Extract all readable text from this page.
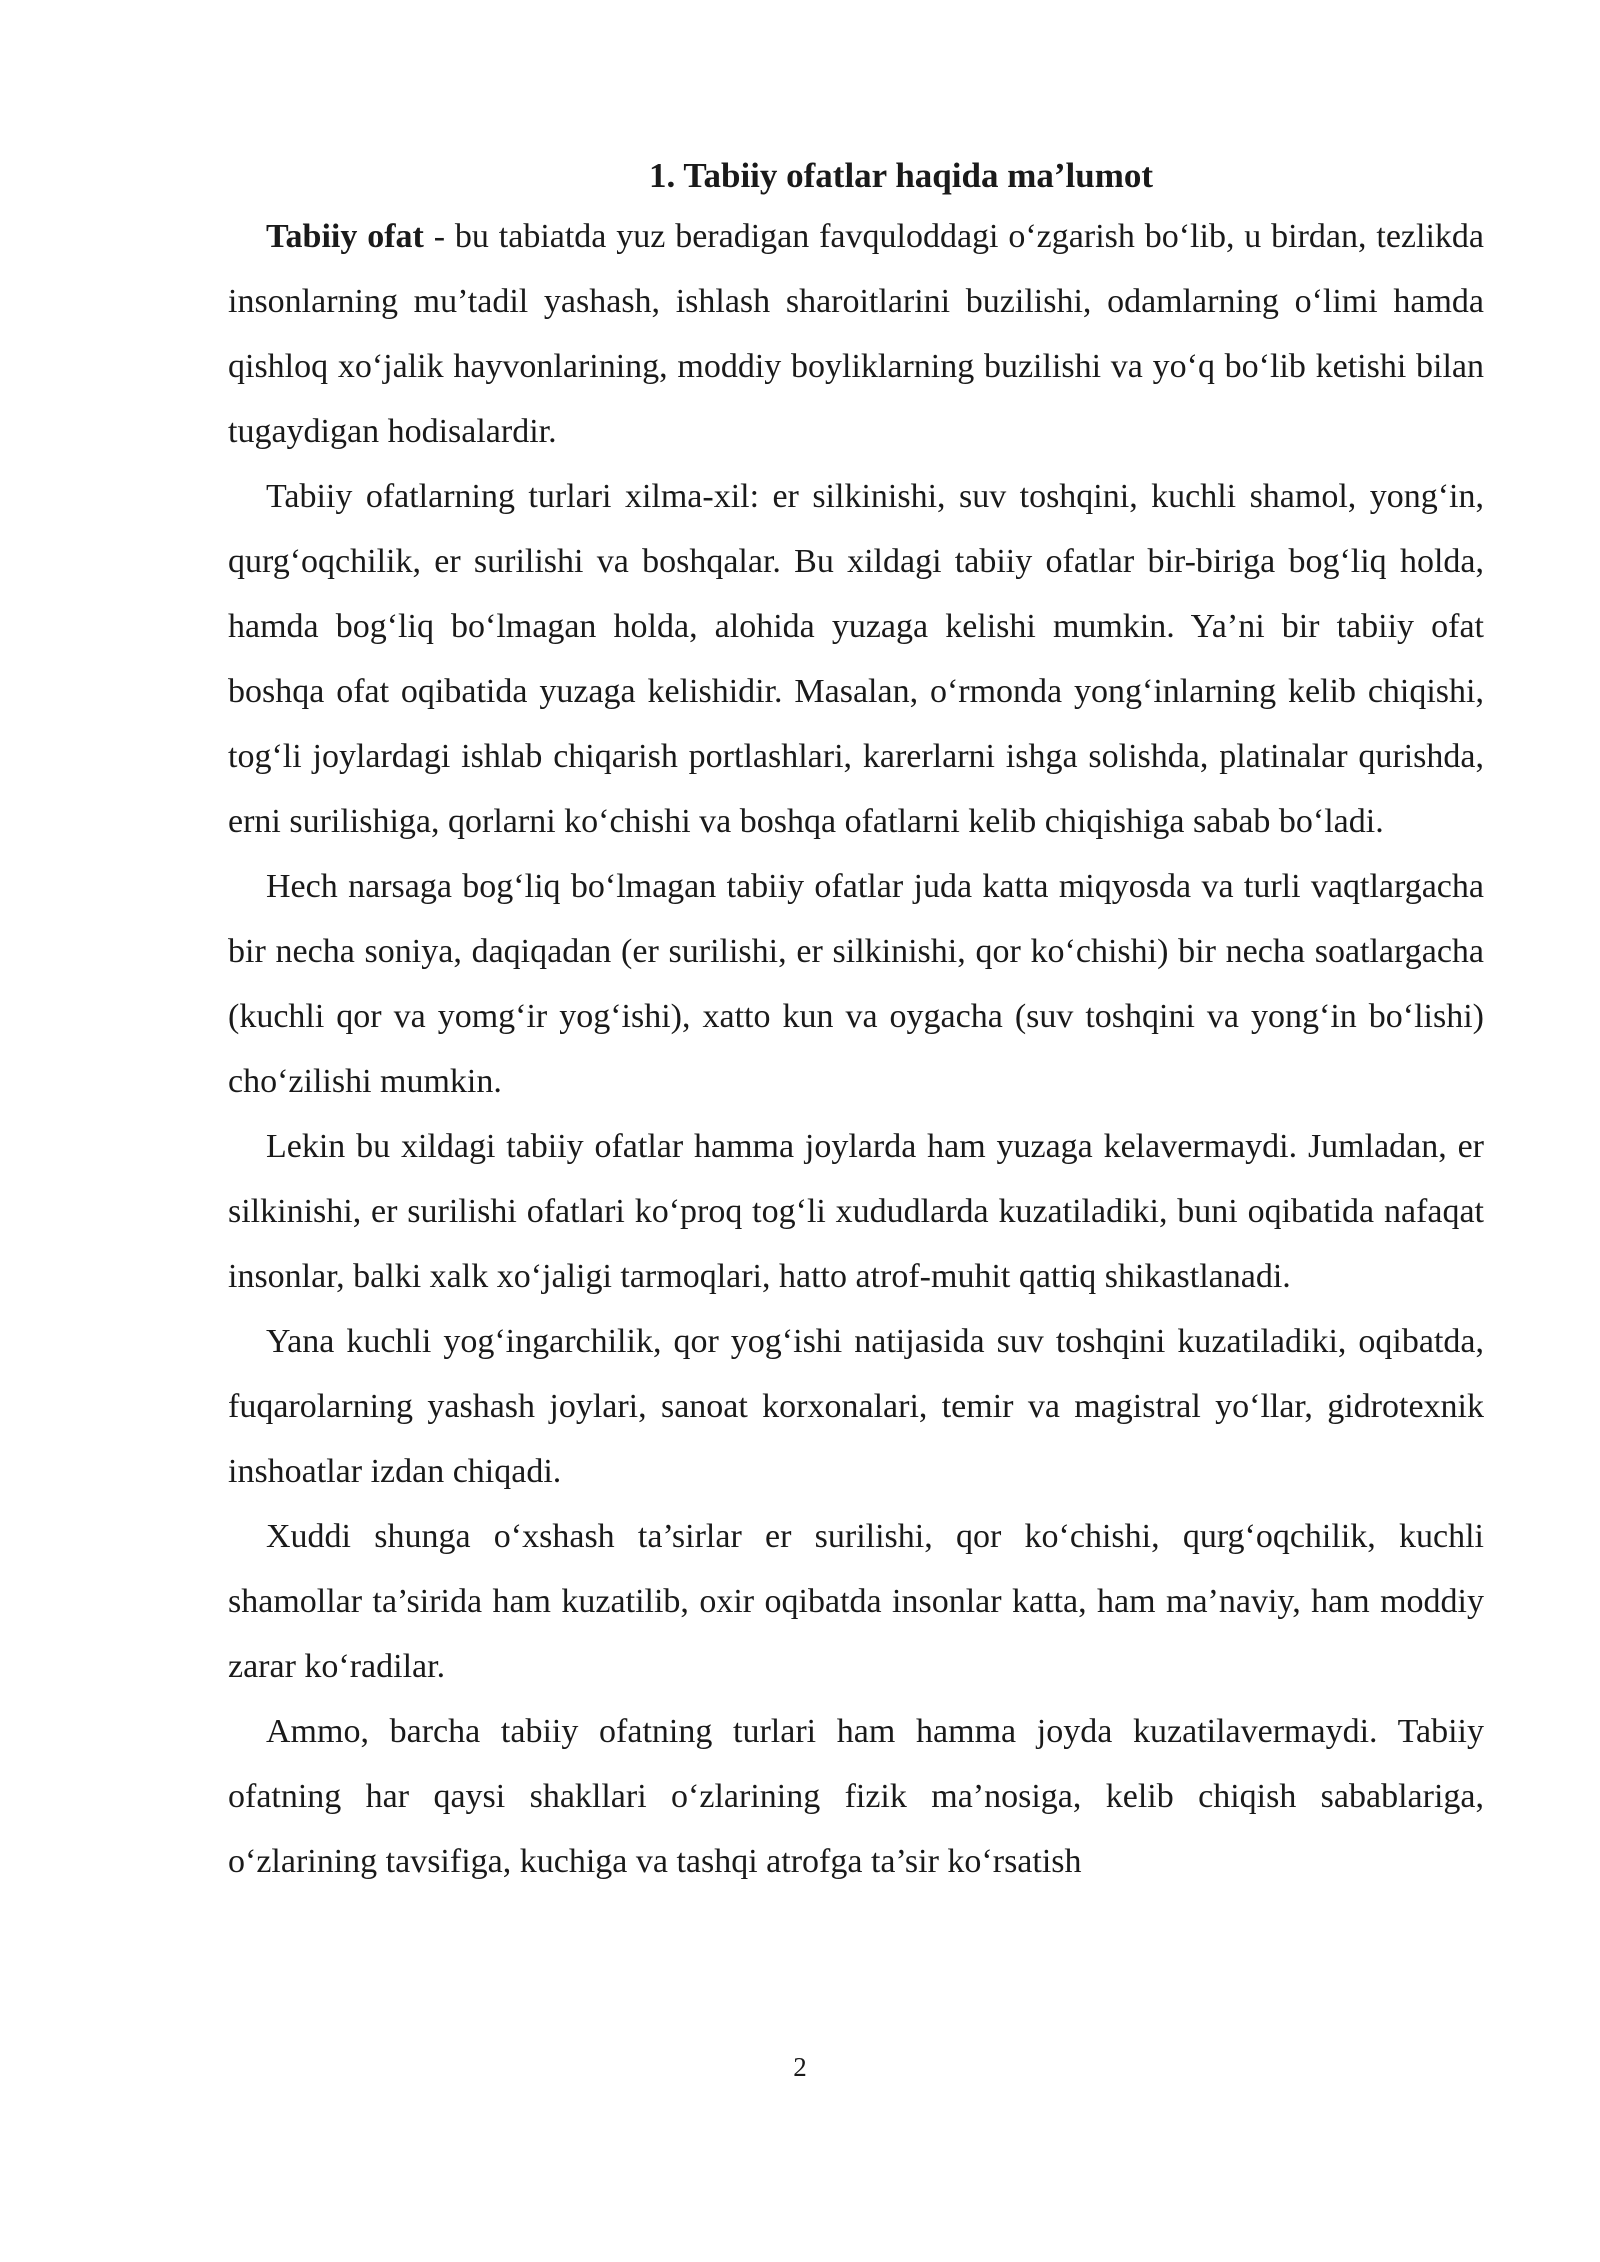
1. Tabiiy ofatlar haqida ma’lumot

Tabiiy ofat - bu tabiatda yuz beradigan favquloddagi o‘zgarish bo‘lib, u birdan, tezlikda insonlarning mu’tadil yashash, ishlash sharoitlarini buzilishi, odamlarning o‘limi hamda qishloq xo‘jalik hayvonlarining, moddiy boyliklarning buzilishi va yo‘q bo‘lib ketishi bilan tugaydigan hodisalardir.

Tabiiy ofatlarning turlari xilma-xil: er silkinishi, suv toshqini, kuchli shamol, yong‘in, qurg‘oqchilik, er surilishi va boshqalar. Bu xildagi tabiiy ofatlar bir-biriga bog‘liq holda, hamda bog‘liq bo‘lmagan holda, alohida yuzaga kelishi mumkin. Ya’ni bir tabiiy ofat boshqa ofat oqibatida yuzaga kelishidir. Masalan, o‘rmonda yong‘inlarning kelib chiqishi, tog‘li joylardagi ishlab chiqarish portlashlari, karerlarni ishga solishda, platinalar qurishda, erni surilishiga, qorlarni ko‘chishi va boshqa ofatlarni kelib chiqishiga sabab bo‘ladi.

Hech narsaga bog‘liq bo‘lmagan tabiiy ofatlar juda katta miqyosda va turli vaqtlargacha bir necha soniya, daqiqadan (er surilishi, er silkinishi, qor ko‘chishi) bir necha soatlargacha (kuchli qor va yomg‘ir yog‘ishi), xatto kun va oygacha (suv toshqini va yong‘in bo‘lishi) cho‘zilishi mumkin.

Lekin bu xildagi tabiiy ofatlar hamma joylarda ham yuzaga kelavermaydi. Jumladan, er silkinishi, er surilishi ofatlari ko‘proq tog‘li xududlarda kuzatiladiki, buni oqibatida nafaqat insonlar, balki xalk xo‘jaligi tarmoqlari, hatto atrof-muhit qattiq shikastlanadi.

Yana kuchli yog‘ingarchilik, qor yog‘ishi natijasida suv toshqini kuzatiladiki, oqibatda, fuqarolarning yashash joylari, sanoat korxonalari, temir va magistral yo‘llar, gidrotexnik inshoatlar izdan chiqadi.

Xuddi shunga o‘xshash ta’sirlar er surilishi, qor ko‘chishi, qurg‘oqchilik, kuchli shamollar ta’sirida ham kuzatilib, oxir oqibatda insonlar katta, ham ma’naviy, ham moddiy zarar ko‘radilar.

Ammo, barcha tabiiy ofatning turlari ham hamma joyda kuzatilavermaydi. Tabiiy ofatning har qaysi shakllari o‘zlarining fizik ma’nosiga, kelib chiqish sabablariga, o‘zlarining tavsifiga, kuchiga va tashqi atrofga ta’sir ko‘rsatish

2
